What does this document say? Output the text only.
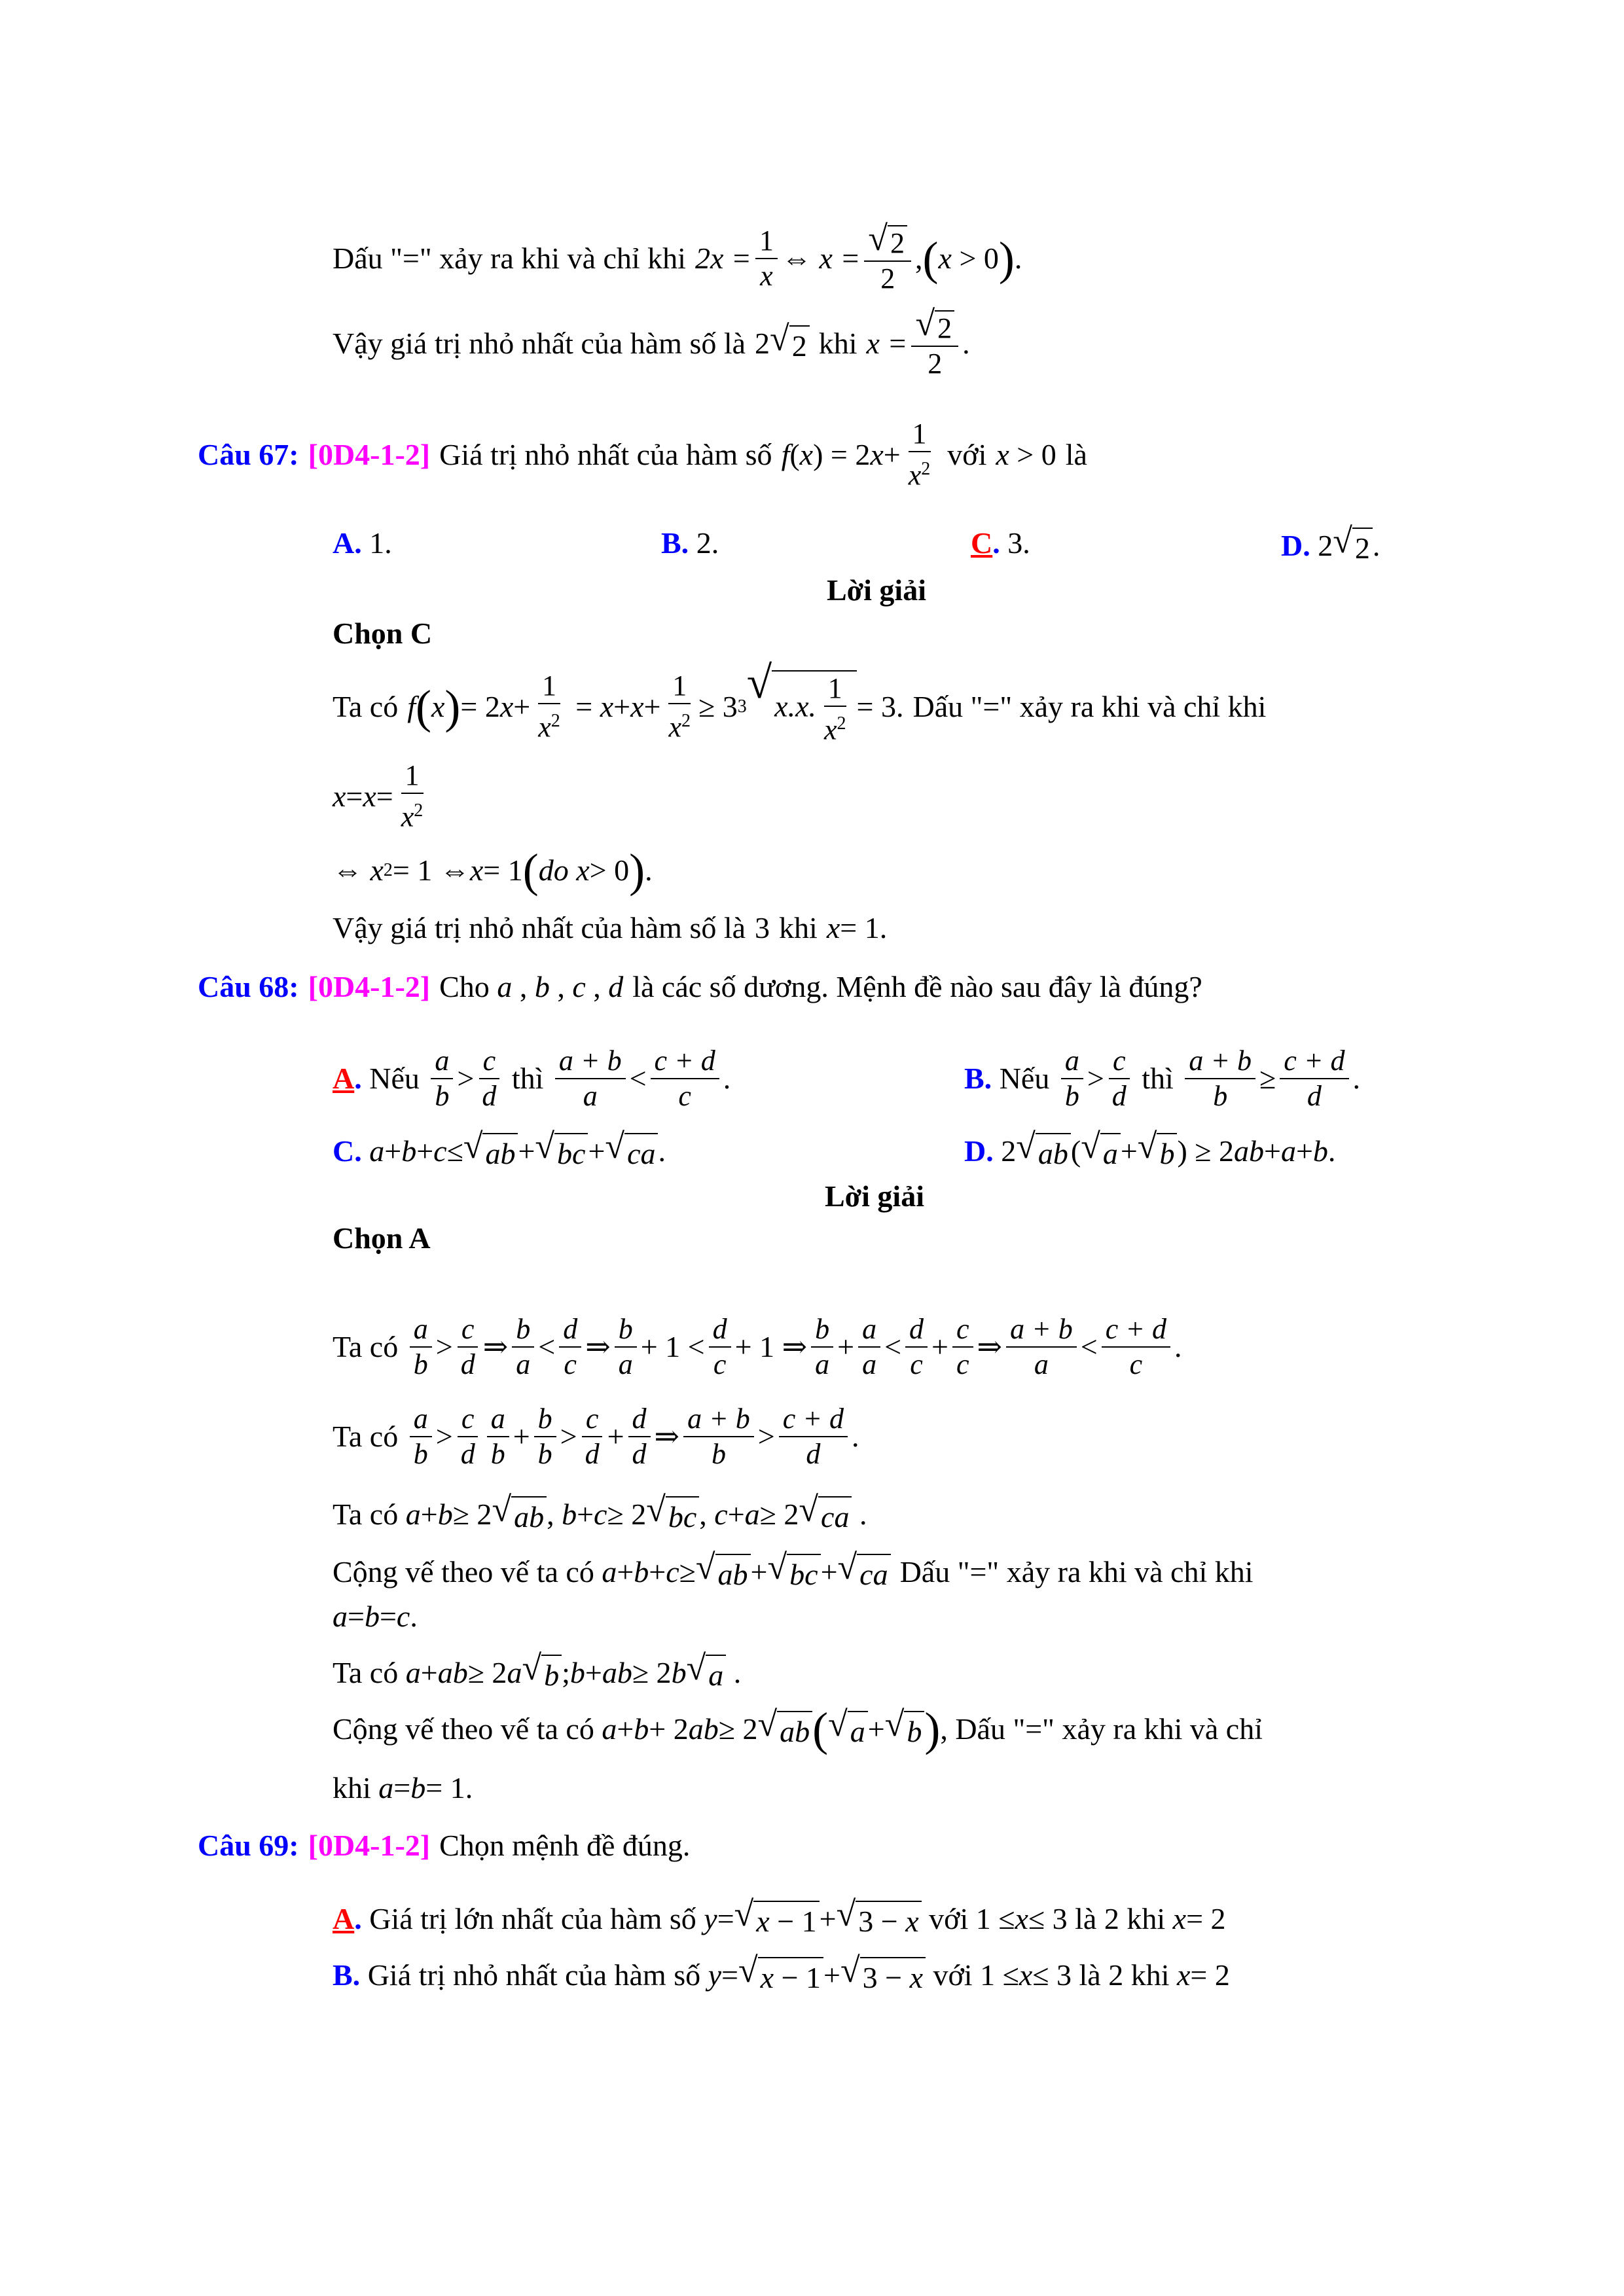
Dấu "=" xảy ra khi và chỉ khi $2x = \frac{1}{x}$ ⇔
$x = \frac{√ 2}{2}$ , ( x
> 0 ) .
Vậy giá trị nhỏ nhất của hàm số là 2 √ 2 khi $x = \frac{√ 2}{2}$ .
Câu 67: [0D4-1-2] Giá trị nhỏ nhất của hàm số f ( x ) = 2 $x + \frac{1}{x^2}$ với x
> 0 là
A.
1 .	B.
2 .	C .
3 .	D.
2 √ 2 .
Lời giải
Chọn C
Ta có f ( x ) = 2 $x + \frac{1}{x^2} = x + x + \frac{1}{x^2} \ge 3$ 3 √ x.x. $\frac{1}{x^2} = 3$ . Dấu "=" xảy ra khi và chỉ khi
$x = x = \frac{1}{x^2}$
⇔
x 2 = 1 ⇔ x = 1 ( do
x > 0 ) .
Vậy giá trị nhỏ nhất của hàm số là 3 khi x = 1 .
Câu 68: [0D4-1-2] Cho
a , b , c , d là các số dương. Mệnh đề nào sau đây là đúng?
A .
Nếu
$\frac{a}{b} > \frac{c}{d}$
thì
$\frac{a + b}{a} < \frac{c + d}{c}$ .	B.
Nếu
$\frac{a}{b} > \frac{c}{d}$
thì
$\frac{a + b}{b} \ge \frac{c + d}{d}$ .
C.
a + b + c ≤ √ ab + √ bc + √ ca .	D.
2 √ ab ( √ a + √ b ) ≥ 2 ab + a + b .
Lời giải
Chọn A
Ta có
$\frac{a}{b} > \frac{c}{d}$ ⇒ $\frac{b}{a} < \frac{d}{c}$ ⇒ $\frac{b}{a} + 1 < \frac{d}{c} + 1$ ⇒ $\frac{b}{a} + \frac{a}{a} < \frac{d}{c} + \frac{c}{c}$ ⇒ $\frac{a + b}{a} < \frac{c + d}{c}$ .
Ta có
$\frac{a}{b} > \frac{c}{d} \frac{a}{b} + \frac{b}{b} > \frac{c}{d} + \frac{d}{d}$ ⇒ $\frac{a + b}{b} > \frac{c + d}{d}$ .
Ta có
a + b ≥ 2 √ ab , b + c ≥ 2 √ bc , c + a ≥ 2 √ ca .
Cộng vế theo vế ta có
a + b + c ≥ √ ab + √ bc + √ ca Dấu "=" xảy ra khi và chỉ khi
a = b = c .
Ta có
a + ab ≥ 2 a √ b ; b + ab ≥ 2 b √ a .
Cộng vế theo vế ta có
a + b + 2 ab ≥ 2 √ ab ( √ a + √ b ) , Dấu "=" xảy ra khi và chỉ
khi
a = b = 1 .
Câu 69: [0D4-1-2] Chọn mệnh đề đúng.
A .
Giá trị lớn nhất của hàm số
y = √ x − 1 + √ 3 − x
với
1 ≤ x ≤ 3
là
2
khi
x = 2
B.
Giá trị nhỏ nhất của hàm số
y = √ x − 1 + √ 3 − x
với
1 ≤ x ≤ 3
là
2
khi
x = 2
